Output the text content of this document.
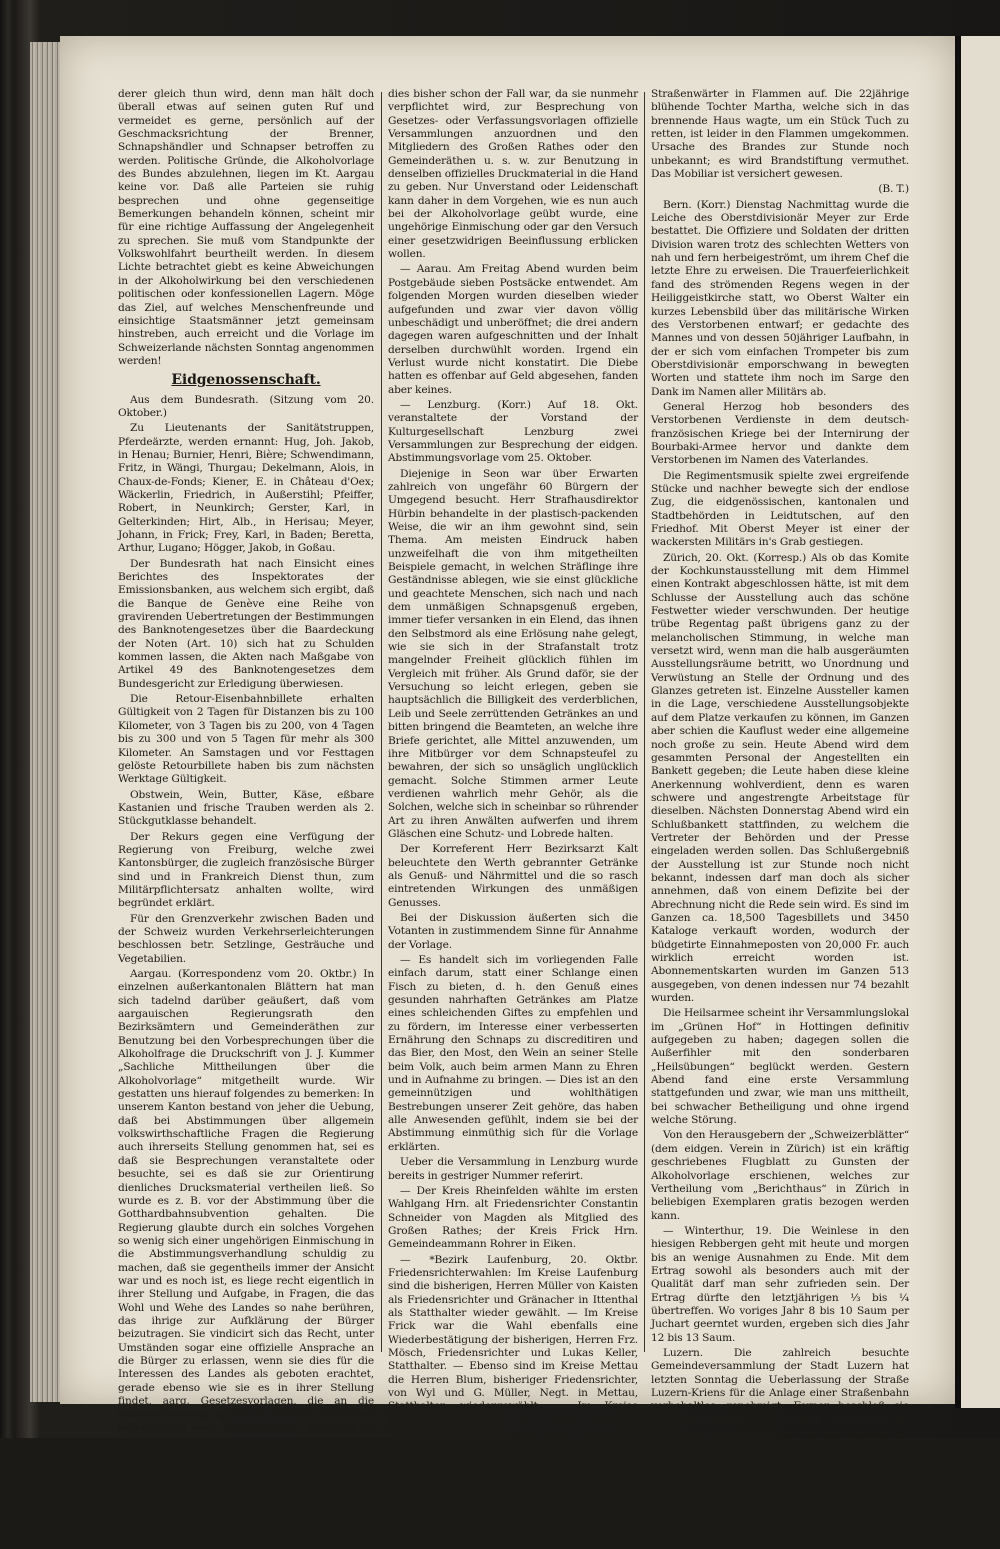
derer gleich thun wird, denn man hält doch überall etwas auf seinen guten Ruf und vermeidet es gerne, persönlich auf der Geschmacksrichtung der Brenner, Schnapshändler und Schnapser betroffen zu werden. Politische Gründe, die Alkoholvorlage des Bundes abzulehnen, liegen im Kt. Aargau keine vor. Daß alle Parteien sie ruhig besprechen und ohne gegenseitige Bemerkungen behandeln können, scheint mir für eine richtige Auffassung der Angelegenheit zu sprechen. Sie muß vom Standpunkte der Volkswohlfahrt beurtheilt werden. In diesem Lichte betrachtet giebt es keine Abweichungen in der Alkoholwirkung bei den verschiedenen politischen oder konfessionellen Lagern. Möge das Ziel, auf welches Menschenfreunde und einsichtige Staatsmänner jetzt gemeinsam hinstreben, auch erreicht und die Vorlage im Schweizerlande nächsten Sonntag angenommen werden!

Eidgenossenschaft.

Aus dem Bundesrath. (Sitzung vom 20. Oktober.)

Zu Lieutenants der Sanitätstruppen, Pferdeärzte, werden ernannt: Hug, Joh. Jakob, in Henau; Burnier, Henri, Bière; Schwendimann, Fritz, in Wängi, Thurgau; Dekelmann, Alois, in Chaux-de-Fonds; Kiener, E. in Château d'Oex; Wäckerlin, Friedrich, in Außerstihl; Pfeiffer, Robert, in Neunkirch; Gerster, Karl, in Gelterkinden; Hirt, Alb., in Herisau; Meyer, Johann, in Frick; Frey, Karl, in Baden; Beretta, Arthur, Lugano; Högger, Jakob, in Goßau.

Der Bundesrath hat nach Einsicht eines Berichtes des Inspektorates der Emissionsbanken, aus welchem sich ergibt, daß die Banque de Genève eine Reihe von gravirenden Uebertretungen der Bestimmungen des Banknotengesetzes über die Baardeckung der Noten (Art. 10) sich hat zu Schulden kommen lassen, die Akten nach Maßgabe von Artikel 49 des Banknotengesetzes dem Bundesgericht zur Erledigung überwiesen.

Die Retour-Eisenbahnbillete erhalten Gültigkeit von 2 Tagen für Distanzen bis zu 100 Kilometer, von 3 Tagen bis zu 200, von 4 Tagen bis zu 300 und von 5 Tagen für mehr als 300 Kilometer. An Samstagen und vor Festtagen gelöste Retourbillete haben bis zum nächsten Werktage Gültigkeit.

Obstwein, Wein, Butter, Käse, eßbare Kastanien und frische Trauben werden als 2. Stückgutklasse behandelt.

Der Rekurs gegen eine Verfügung der Regierung von Freiburg, welche zwei Kantonsbürger, die zugleich französische Bürger sind und in Frankreich Dienst thun, zum Militärpflichtersatz anhalten wollte, wird begründet erklärt.

Für den Grenzverkehr zwischen Baden und der Schweiz wurden Verkehrserleichterungen beschlossen betr. Setzlinge, Gesträuche und Vegetabilien.

Aargau. (Korrespondenz vom 20. Oktbr.) In einzelnen außerkantonalen Blättern hat man sich tadelnd darüber geäußert, daß vom aargauischen Regierungsrath den Bezirksämtern und Gemeinderäthen zur Benutzung bei den Vorbesprechungen über die Alkoholfrage die Druckschrift von J. J. Kummer „Sachliche Mittheilungen über die Alkoholvorlage“ mitgetheilt wurde. Wir gestatten uns hierauf folgendes zu bemerken: In unserem Kanton bestand von jeher die Uebung, daß bei Abstimmungen über allgemein volkswirthschaftliche Fragen die Regierung auch ihrerseits Stellung genommen hat, sei es daß sie Besprechungen veranstaltete oder besuchte, sei es daß sie zur Orientirung dienliches Drucksmaterial vertheilen ließ. So wurde es z. B. vor der Abstimmung über die Gotthardbahnsubvention gehalten. Die Regierung glaubte durch ein solches Vorgehen so wenig sich einer ungehörigen Einmischung in die Abstimmungsverhandlung schuldig zu machen, daß sie gegentheils immer der Ansicht war und es noch ist, es liege recht eigentlich in ihrer Stellung und Aufgabe, in Fragen, die das Wohl und Wehe des Landes so nahe berühren, das ihrige zur Aufklärung der Bürger beizutragen. Sie vindicirt sich das Recht, unter Umständen sogar eine offizielle Ansprache an die Bürger zu erlassen, wenn sie dies für die Interessen des Landes als geboten erachtet, gerade ebenso wie sie es in ihrer Stellung findet, aarg. Gesetzesvorlagen, die an die Volksabstimmung gebracht werden, mit einer erläuternden oder empfehlenden Botschaft zu begleiten.

Diese Stellung ist ihr seit Annahme der neuen Verfassung noch viel deutlicher vorgezeichnet, als

dies bisher schon der Fall war, da sie nunmehr verpflichtet wird, zur Besprechung von Gesetzes- oder Verfassungsvorlagen offizielle Versammlungen anzuordnen und den Mitgliedern des Großen Rathes oder den Gemeinderäthen u. s. w. zur Benutzung in denselben offizielles Druckmaterial in die Hand zu geben. Nur Unverstand oder Leidenschaft kann daher in dem Vorgehen, wie es nun auch bei der Alkoholvorlage geübt wurde, eine ungehörige Einmischung oder gar den Versuch einer gesetzwidrigen Beeinflussung erblicken wollen.

— Aarau. Am Freitag Abend wurden beim Postgebäude sieben Postsäcke entwendet. Am folgenden Morgen wurden dieselben wieder aufgefunden und zwar vier davon völlig unbeschädigt und unberöffnet; die drei andern dagegen waren aufgeschnitten und der Inhalt derselben durchwühlt worden. Irgend ein Verlust wurde nicht konstatirt. Die Diebe hatten es offenbar auf Geld abgesehen, fanden aber keines.

— Lenzburg. (Korr.) Auf 18. Okt. veranstaltete der Vorstand der Kulturgesellschaft Lenzburg zwei Versammlungen zur Besprechung der eidgen. Abstimmungsvorlage vom 25. Oktober.

Diejenige in Seon war über Erwarten zahlreich von ungefähr 60 Bürgern der Umgegend besucht. Herr Strafhausdirektor Hürbin behandelte in der plastisch-packenden Weise, die wir an ihm gewohnt sind, sein Thema. Am meisten Eindruck haben unzweifelhaft die von ihm mitgetheilten Beispiele gemacht, in welchen Sträflinge ihre Geständnisse ablegen, wie sie einst glückliche und geachtete Menschen, sich nach und nach dem unmäßigen Schnapsgenuß ergeben, immer tiefer versanken in ein Elend, das ihnen den Selbstmord als eine Erlösung nahe gelegt, wie sie sich in der Strafanstalt trotz mangelnder Freiheit glücklich fühlen im Vergleich mit früher. Als Grund daför, sie der Versuchung so leicht erlegen, geben sie hauptsächlich die Billigkeit des verderblichen, Leib und Seele zerrüttenden Getränkes an und bitten bringend die Beamteten, an welche ihre Briefe gerichtet, alle Mittel anzuwenden, um ihre Mitbürger vor dem Schnapsteufel zu bewahren, der sich so unsäglich unglücklich gemacht. Solche Stimmen armer Leute verdienen wahrlich mehr Gehör, als die Solchen, welche sich in scheinbar so rührender Art zu ihren Anwälten aufwerfen und ihrem Gläschen eine Schutz- und Lobrede halten.

Der Korreferent Herr Bezirksarzt Kalt beleuchtete den Werth gebrannter Getränke als Genuß- und Nährmittel und die so rasch eintretenden Wirkungen des unmäßigen Genusses.

Bei der Diskussion äußerten sich die Votanten in zustimmendem Sinne für Annahme der Vorlage.

— Es handelt sich im vorliegenden Falle einfach darum, statt einer Schlange einen Fisch zu bieten, d. h. den Genuß eines gesunden nahrhaften Getränkes am Platze eines schleichenden Giftes zu empfehlen und zu fördern, im Interesse einer verbesserten Ernährung den Schnaps zu discreditiren und das Bier, den Most, den Wein an seiner Stelle beim Volk, auch beim armen Mann zu Ehren und in Aufnahme zu bringen. — Dies ist an den gemeinnützigen und wohlthätigen Bestrebungen unserer Zeit gehöre, das haben alle Anwesenden gefühlt, indem sie bei der Abstimmung einmüthig sich für die Vorlage erklärten.

Ueber die Versammlung in Lenzburg wurde bereits in gestriger Nummer referirt.

— Der Kreis Rheinfelden wählte im ersten Wahlgang Hrn. alt Friedensrichter Constantin Schneider von Magden als Mitglied des Großen Rathes; der Kreis Frick Hrn. Gemeindeammann Rohrer in Eiken.

— *Bezirk Laufenburg, 20. Oktbr. Friedensrichterwahlen: Im Kreise Laufenburg sind die bisherigen, Herren Müller von Kaisten als Friedensrichter und Gränacher in Ittenthal als Statthalter wieder gewählt. — Im Kreise Frick war die Wahl ebenfalls eine Wiederbestätigung der bisherigen, Herren Frz. Mösch, Friedensrichter und Lukas Keller, Statthalter. — Ebenso sind im Kreise Mettau die Herren Blum, bisheriger Friedensrichter, von Wyl und G. Müller, Negt. in Mettau, Statthalter, wiedergewählt. — Im Kreise Wölflinswyl konnte die Wahl Mangels ungenügender Betheiligung nicht abgehalten werden. Ein zweiter Wahlgang ist auf Sonntag den 25. d. angeordnet. — Im Kreise Frick wurde an Stelle des Hrn. Oberrichter Kalt als Großrathsmitglied gewählt: Hr. Gemeindeammann Rohrer in Eiken.

— Spreitenbach, 19. Okt. Heute früh 2½ Uhr ging das Wohnhaus der Familie Lienberger, Goßlis und das des J. Ulrich Lienberger,

Straßenwärter in Flammen auf. Die 22jährige blühende Tochter Martha, welche sich in das brennende Haus wagte, um ein Stück Tuch zu retten, ist leider in den Flammen umgekommen. Ursache des Brandes zur Stunde noch unbekannt; es wird Brandstiftung vermuthet. Das Mobiliar ist versichert gewesen.

(B. T.)

Bern. (Korr.) Dienstag Nachmittag wurde die Leiche des Oberstdivisionär Meyer zur Erde bestattet. Die Offiziere und Soldaten der dritten Division waren trotz des schlechten Wetters von nah und fern herbeigeströmt, um ihrem Chef die letzte Ehre zu erweisen. Die Trauerfeierlichkeit fand des strömenden Regens wegen in der Heiliggeistkirche statt, wo Oberst Walter ein kurzes Lebensbild über das militärische Wirken des Verstorbenen entwarf; er gedachte des Mannes und von dessen 50jähriger Laufbahn, in der er sich vom einfachen Trompeter bis zum Oberstdivisionär emporschwang in bewegten Worten und stattete ihm noch im Sarge den Dank im Namen aller Militärs ab.

General Herzog hob besonders des Verstorbenen Verdienste in dem deutsch-französischen Kriege bei der Internirung der Bourbaki-Armee hervor und dankte dem Verstorbenen im Namen des Vaterlandes.

Die Regimentsmusik spielte zwei ergreifende Stücke und nachher bewegte sich der endlose Zug, die eidgenössischen, kantonalen und Stadtbehörden in Leidtutschen, auf den Friedhof. Mit Oberst Meyer ist einer der wackersten Militärs in's Grab gestiegen.

Zürich, 20. Okt. (Korresp.) Als ob das Komite der Kochkunstausstellung mit dem Himmel einen Kontrakt abgeschlossen hätte, ist mit dem Schlusse der Ausstellung auch das schöne Festwetter wieder verschwunden. Der heutige trübe Regentag paßt übrigens ganz zu der melancholischen Stimmung, in welche man versetzt wird, wenn man die halb ausgeräumten Ausstellungsräume betritt, wo Unordnung und Verwüstung an Stelle der Ordnung und des Glanzes getreten ist. Einzelne Aussteller kamen in die Lage, verschiedene Ausstellungsobjekte auf dem Platze verkaufen zu können, im Ganzen aber schien die Kauflust weder eine allgemeine noch große zu sein. Heute Abend wird dem gesammten Personal der Angestellten ein Bankett gegeben; die Leute haben diese kleine Anerkennung wohlverdient, denn es waren schwere und angestrengte Arbeitstage für dieselben. Nächsten Donnerstag Abend wird ein Schlußbankett stattfinden, zu welchem die Vertreter der Behörden und der Presse eingeladen werden sollen. Das Schlußergebniß der Ausstellung ist zur Stunde noch nicht bekannt, indessen darf man doch als sicher annehmen, daß von einem Defizite bei der Abrechnung nicht die Rede sein wird. Es sind im Ganzen ca. 18,500 Tagesbillets und 3450 Kataloge verkauft worden, wodurch der büdgetirte Einnahmeposten von 20,000 Fr. auch wirklich erreicht worden ist. Abonnementskarten wurden im Ganzen 513 ausgegeben, von denen indessen nur 74 bezahlt wurden.

Die Heilsarmee scheint ihr Versammlungslokal im „Grünen Hof“ in Hottingen definitiv aufgegeben zu haben; dagegen sollen die Außerfihler mit den sonderbaren „Heilsübungen“ beglückt werden. Gestern Abend fand eine erste Versammlung stattgefunden und zwar, wie man uns mittheilt, bei schwacher Betheiligung und ohne irgend welche Störung.

Von den Herausgebern der „Schweizerblätter“ (dem eidgen. Verein in Zürich) ist ein kräftig geschriebenes Flugblatt zu Gunsten der Alkoholvorlage erschienen, welches zur Vertheilung vom „Berichthaus“ in Zürich in beliebigen Exemplaren gratis bezogen werden kann.

— Winterthur, 19. Die Weinlese in den hiesigen Rebbergen geht mit heute und morgen bis an wenige Ausnahmen zu Ende. Mit dem Ertrag sowohl als besonders auch mit der Qualität darf man sehr zufrieden sein. Der Ertrag dürfte den letztjährigen ⅓ bis ¼ übertreffen. Wo voriges Jahr 8 bis 10 Saum per Juchart geerntet wurden, ergeben sich dies Jahr 12 bis 13 Saum.

Luzern. Die zahlreich besuchte Gemeindeversammlung der Stadt Luzern hat letzten Sonntag die Ueberlassung der Straße Luzern-Kriens für die Anlage einer Straßenbahn vorbehaltlos genehmigt. Ferner beschloß sie nach den Anträgen des Großen Stadtrathes die Abtretung eines Bauplatzes bei dem Stadthof an die Gotthardbahn und den Beitrag an die Korrektion des Renggbaches.
